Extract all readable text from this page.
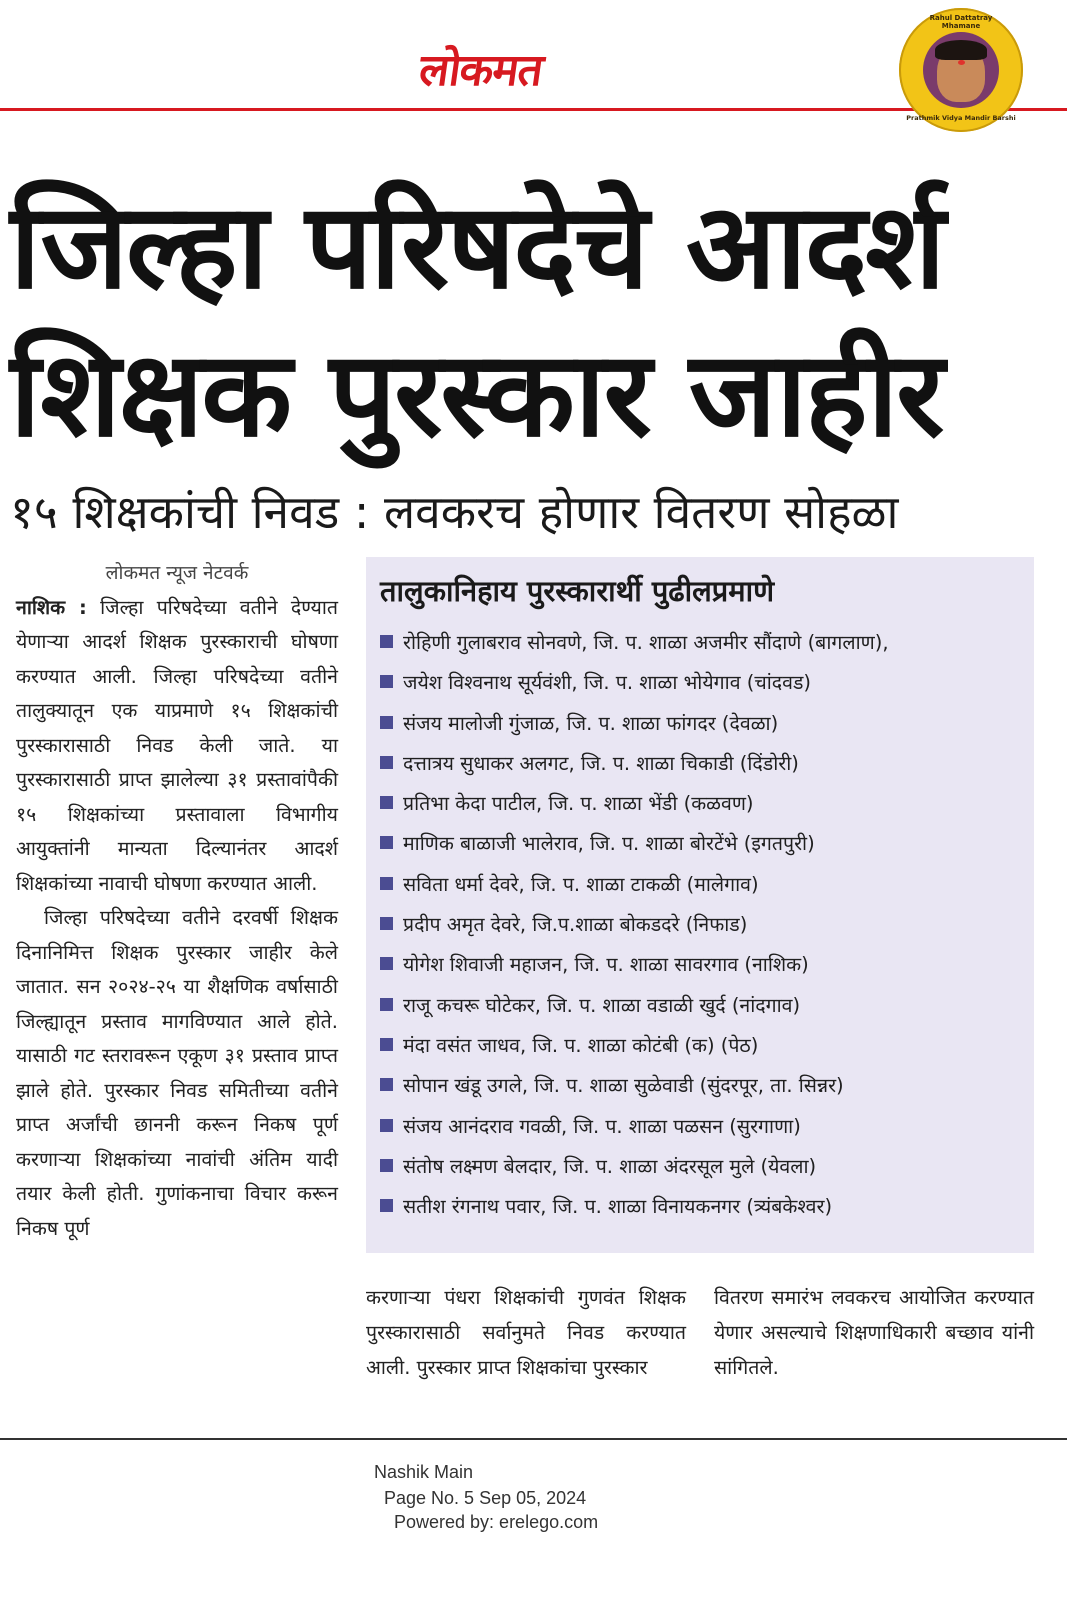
लोकमत
Rahul Dattatray Mhamane
Prathmik Vidya Mandir Barshi
जिल्हा परिषदेचे आदर्श
शिक्षक पुरस्कार जाहीर
१५ शिक्षकांची निवड : लवकरच होणार वितरण सोहळा
लोकमत न्यूज नेटवर्क

नाशिक : जिल्हा परिषदेच्या वतीने देण्यात येणाऱ्या आदर्श शिक्षक पुरस्काराची घोषणा करण्यात आली. जिल्हा परिषदेच्या वतीने तालुक्यातून एक याप्रमाणे १५ शिक्षकांची पुरस्कारासाठी निवड केली जाते. या पुरस्कारासाठी प्राप्त झालेल्या ३१ प्रस्तावांपैकी १५ शिक्षकांच्या प्रस्तावाला विभागीय आयुक्तांनी मान्यता दिल्यानंतर आदर्श शिक्षकांच्या नावाची घोषणा करण्यात आली.

जिल्हा परिषदेच्या वतीने दरवर्षी शिक्षक दिनानिमित्त शिक्षक पुरस्कार जाहीर केले जातात. सन २०२४-२५ या शैक्षणिक वर्षासाठी जिल्ह्यातून प्रस्ताव मागविण्यात आले होते. यासाठी गट स्तरावरून एकूण ३१ प्रस्ताव प्राप्त झाले होते. पुरस्कार निवड समितीच्या वतीने प्राप्त अर्जांची छाननी करून निकष पूर्ण करणाऱ्या शिक्षकांच्या नावांची अंतिम यादी तयार केली होती. गुणांकनाचा विचार करून निकष पूर्ण

तालुकानिहाय पुरस्कारार्थी पुढीलप्रमाणे
रोहिणी गुलाबराव सोनवणे, जि. प. शाळा अजमीर सौंदाणे (बागलाण),
जयेश विश्वनाथ सूर्यवंशी, जि. प. शाळा भोयेगाव (चांदवड)
संजय मालोजी गुंजाळ, जि. प. शाळा फांगदर (देवळा)
दत्तात्रय सुधाकर अलगट, जि. प. शाळा चिकाडी (दिंडोरी)
प्रतिभा केदा पाटील, जि. प. शाळा भेंडी (कळवण)
माणिक बाळाजी भालेराव, जि. प. शाळा बोरटेंभे (इगतपुरी)
सविता धर्मा देवरे, जि. प. शाळा टाकळी (मालेगाव)
प्रदीप अमृत देवरे, जि.प.शाळा बोकडदरे (निफाड)
योगेश शिवाजी महाजन, जि. प. शाळा सावरगाव (नाशिक)
राजू कचरू घोटेकर, जि. प. शाळा वडाळी खुर्द (नांदगाव)
मंदा वसंत जाधव, जि. प. शाळा कोटंबी (क) (पेठ)
सोपान खंडू उगले, जि. प. शाळा सुळेवाडी (सुंदरपूर, ता. सिन्नर)
संजय आनंदराव गवळी, जि. प. शाळा पळसन (सुरगाणा)
संतोष लक्ष्मण बेलदार, जि. प. शाळा अंदरसूल मुले (येवला)
सतीश रंगनाथ पवार, जि. प. शाळा विनायकनगर (त्र्यंबकेश्वर)
करणाऱ्या पंधरा शिक्षकांची गुणवंत शिक्षक पुरस्कारासाठी सर्वानुमते निवड करण्यात आली. पुरस्कार प्राप्त शिक्षकांचा पुरस्कार
वितरण समारंभ लवकरच आयोजित करण्यात येणार असल्याचे शिक्षणाधिकारी बच्छाव यांनी सांगितले.
Nashik Main
Page No. 5 Sep 05, 2024
Powered by: erelego.com
